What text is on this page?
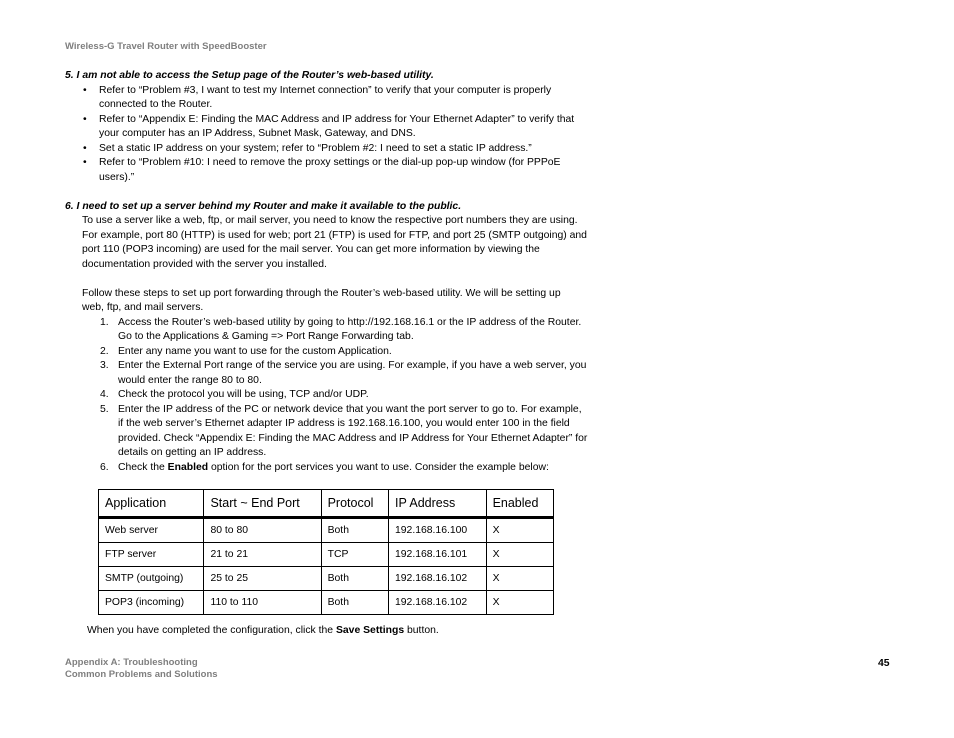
Wireless-G Travel Router with SpeedBooster
5. I am not able to access the Setup page of the Router’s web-based utility.
• Refer to “Problem #3, I want to test my Internet connection” to verify that your computer is properly
connected to the Router.
• Refer to “Appendix E: Finding the MAC Address and IP address for Your Ethernet Adapter” to verify that
your computer has an IP Address, Subnet Mask, Gateway, and DNS.
• Set a static IP address on your system; refer to “Problem #2: I need to set a static IP address.”
• Refer to “Problem #10: I need to remove the proxy settings or the dial-up pop-up window (for PPPoE
users).”
6. I need to set up a server behind my Router and make it available to the public.
To use a server like a web, ftp, or mail server, you need to know the respective port numbers they are using.
For example, port 80 (HTTP) is used for web; port 21 (FTP) is used for FTP, and port 25 (SMTP outgoing) and
port 110 (POP3 incoming) are used for the mail server. You can get more information by viewing the
documentation provided with the server you installed.
Follow these steps to set up port forwarding through the Router’s web-based utility. We will be setting up
web, ftp, and mail servers.
1. Access the Router’s web-based utility by going to http://192.168.16.1 or the IP address of the Router.
Go to the Applications & Gaming => Port Range Forwarding tab.
2. Enter any name you want to use for the custom Application.
3. Enter the External Port range of the service you are using. For example, if you have a web server, you
would enter the range 80 to 80.
4. Check the protocol you will be using, TCP and/or UDP.
5. Enter the IP address of the PC or network device that you want the port server to go to. For example,
if the web server’s Ethernet adapter IP address is 192.168.16.100, you would enter 100 in the field
provided. Check “Appendix E: Finding the MAC Address and IP Address for Your Ethernet Adapter” for
details on getting an IP address.
6. Check the Enabled option for the port services you want to use. Consider the example below:
Application	Start ~ End Port	Protocol	IP Address	Enabled
Web server	80 to 80	Both	192.168.16.100	X
FTP server	21 to 21	TCP	192.168.16.101	X
SMTP (outgoing)	25 to 25	Both	192.168.16.102	X
POP3 (incoming)	110 to 110	Both	192.168.16.102	X
When you have completed the configuration, click the Save Settings button.
Appendix A: Troubleshooting
Common Problems and Solutions
45
